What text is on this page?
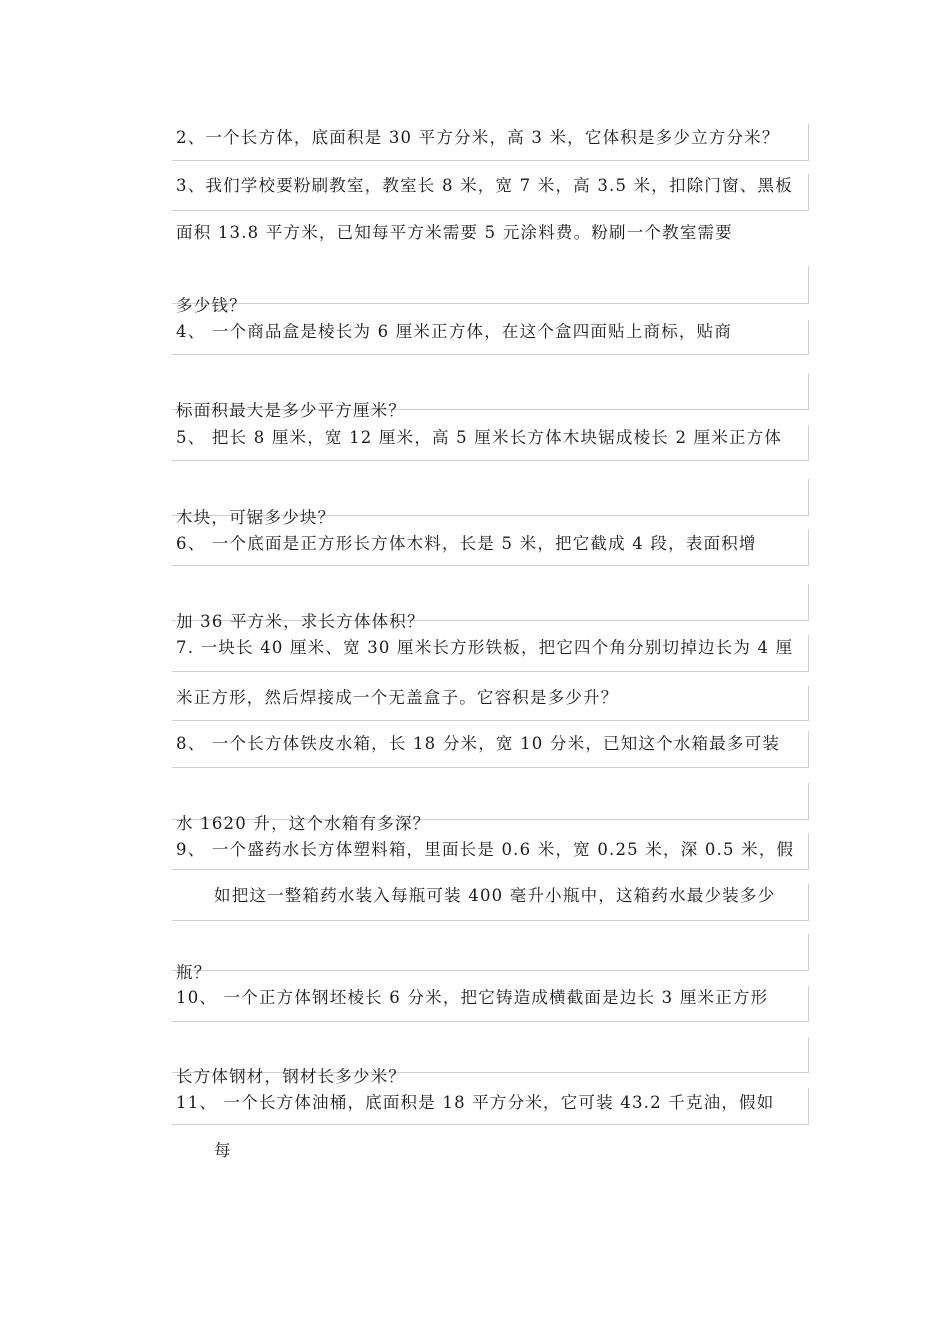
2、一个长方体，底面积是 30 平方分米，高 3 米，它体积是多少立方分米？
3、我们学校要粉刷教室，教室长 8 米，宽 7 米，高 3.5 米，扣除门窗、黑板
面积 13.8 平方米，已知每平方米需要 5 元涂料费。粉刷一个教室需要
多少钱？
4、 一个商品盒是棱长为 6 厘米正方体，在这个盒四面贴上商标，贴商
标面积最大是多少平方厘米？
5、 把长 8 厘米，宽 12 厘米，高 5 厘米长方体木块锯成棱长 2 厘米正方体
木块，可锯多少块？
6、 一个底面是正方形长方体木料，长是 5 米，把它截成 4 段，表面积增
加 36 平方米，求长方体体积？
7. 一块长 40 厘米、宽 30 厘米长方形铁板，把它四个角分别切掉边长为 4 厘
米正方形，然后焊接成一个无盖盒子。它容积是多少升？
8、 一个长方体铁皮水箱，长 18 分米，宽 10 分米，已知这个水箱最多可装
水 1620 升，这个水箱有多深？
9、 一个盛药水长方体塑料箱，里面长是 0.6 米，宽 0.25 米，深 0.5 米，假
如把这一整箱药水装入每瓶可装 400 毫升小瓶中，这箱药水最少装多少
瓶？
10、 一个正方体钢坯棱长 6 分米，把它铸造成横截面是边长 3 厘米正方形
长方体钢材，钢材长多少米？
11、 一个长方体油桶，底面积是 18 平方分米，它可装 43.2 千克油，假如
每
